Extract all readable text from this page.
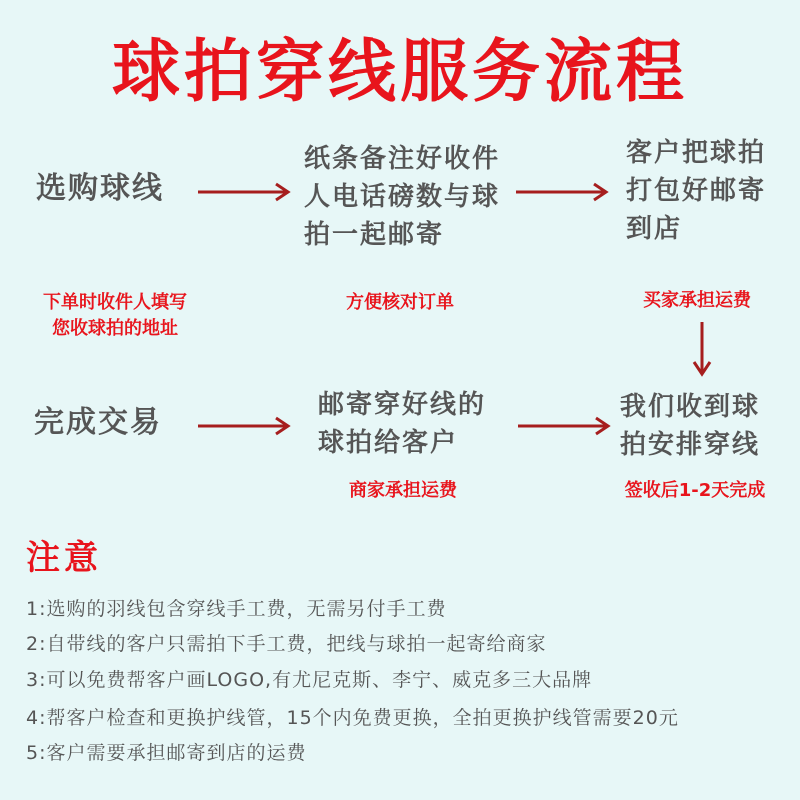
球拍穿线服务流程
选购球线
纸条备注好收件
人电话磅数与球
拍一起邮寄
客户把球拍
打包好邮寄
到店
下单时收件人填写
您收球拍的地址
方便核对订单	买家承担运费
完成交易	邮寄穿好线的
球拍给客户
商家承担运费
我们收到球
拍安排穿线
签收后1-2天完成
注意
1:选购的羽线包含穿线手工费，无需另付手工费
2:自带线的客户只需拍下手工费，把线与球拍一起寄给商家
3:可以免费帮客户画LOGO,有尤尼克斯、李宁、威克多三大品牌
4:帮客户检查和更换护线管，15个内免费更换，全拍更换护线管需要20元
5:客户需要承担邮寄到店的运费
